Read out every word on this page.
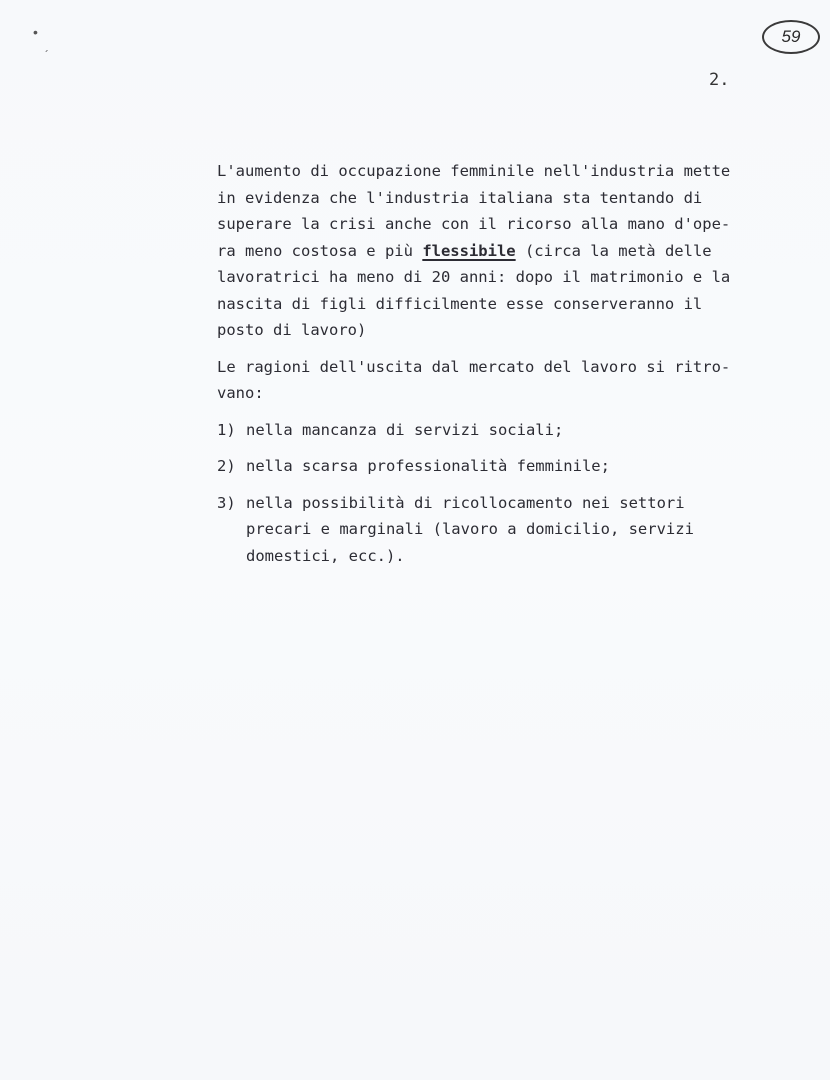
•
´
59
2.
L'aumento di occupazione femminile nell'industria mette
in evidenza che l'industria italiana sta tentando di
superare la crisi anche con il ricorso alla mano d'ope-
ra meno costosa e più flessibile (circa la metà delle
lavoratrici ha meno di 20 anni: dopo il matrimonio e la
nascita di figli difficilmente esse conserveranno il
posto di lavoro)
Le ragioni dell'uscita dal mercato del lavoro si ritro-
vano:
1) nella mancanza di servizi sociali;
2) nella scarsa professionalità femminile;
3) nella possibilità di ricollocamento nei settori
precari e marginali (lavoro a domicilio, servizi
domestici, ecc.).
